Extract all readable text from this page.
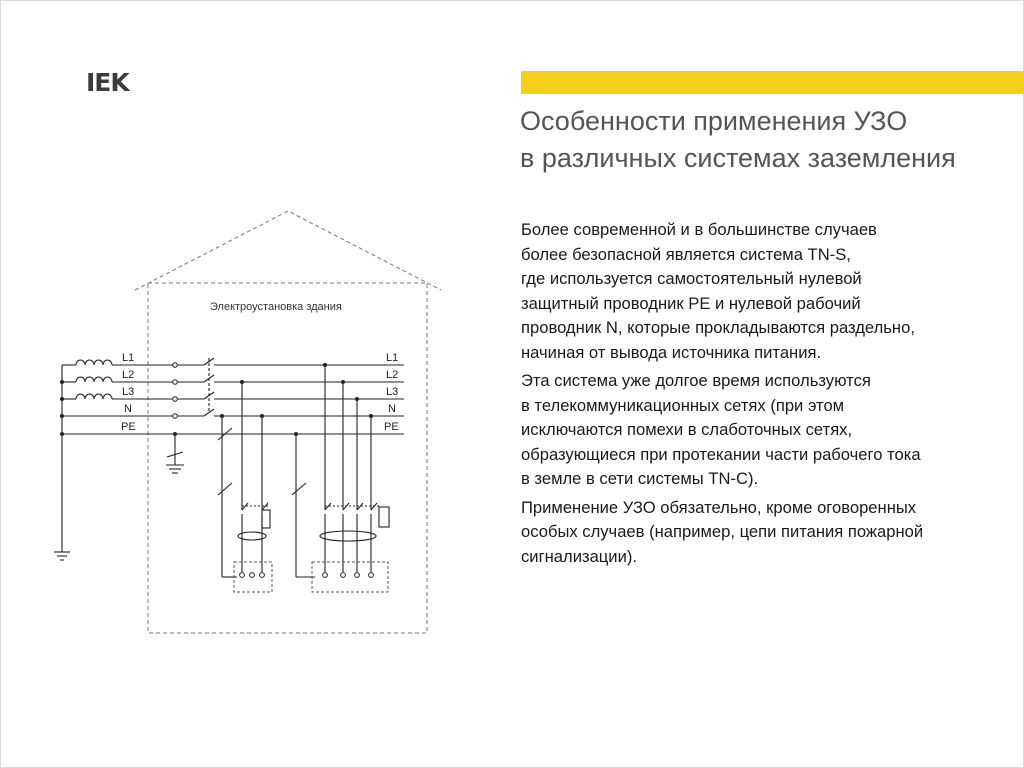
IEK
Особенности применения УЗО
в различных системах заземления

Более современной и в большинстве случаев
более безопасной является система TN-S,
где используется самостоятельный нулевой
защитный проводник PE и нулевой рабочий
проводник N, которые прокладываются раздельно,
начиная от вывода источника питания.

Эта система уже долгое время используются
в телекоммуникационных сетях (при этом
исключаются помехи в слаботочных сетях,
образующиеся при протекании части рабочего тока
в земле в сети системы TN-C).

Применение УЗО обязательно, кроме оговоренных
особых случаев (например, цепи питания пожарной
сигнализации).

Электроустановка здания
L1
L2
L3
N
PE
L1
L2
L3
N
PE
